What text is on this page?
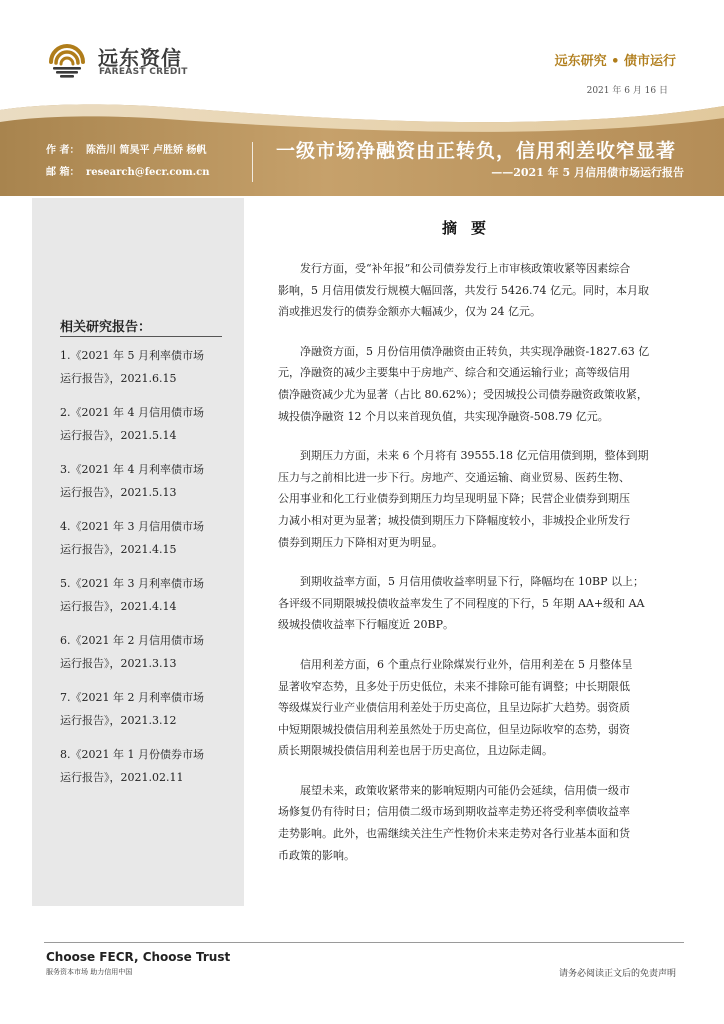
远东资信
FAREAST CREDIT
远东研究 • 债市运行
2021 年 6 月 16 日
作 者： 陈浩川 简昊平 卢胜娇 杨帆
邮 箱： research@fecr.com.cn
一级市场净融资由正转负，信用利差收窄显著
——2021 年 5 月信用债市场运行报告
相关研究报告：
1.《2021 年 5 月利率债市场
运行报告》，2021.6.15
2.《2021 年 4 月信用债市场
运行报告》，2021.5.14
3.《2021 年 4 月利率债市场
运行报告》，2021.5.13
4.《2021 年 3 月信用债市场
运行报告》，2021.4.15
5.《2021 年 3 月利率债市场
运行报告》，2021.4.14
6.《2021 年 2 月信用债市场
运行报告》，2021.3.13
7.《2021 年 2 月利率债市场
运行报告》，2021.3.12
8.《2021 年 1 月份债券市场
运行报告》，2021.02.11
摘要
发行方面，受“补年报”和公司债券发行上市审核政策收紧等因素综合
影响，5 月信用债发行规模大幅回落，共发行 5426.74 亿元。同时，本月取
消或推迟发行的债券金额亦大幅减少，仅为 24 亿元。
净融资方面，5 月份信用债净融资由正转负，共实现净融资-1827.63 亿
元，净融资的减少主要集中于房地产、综合和交通运输行业；高等级信用
债净融资减少尤为显著（占比 80.62%）；受因城投公司债券融资政策收紧，
城投债净融资 12 个月以来首现负值，共实现净融资-508.79 亿元。
到期压力方面，未来 6 个月将有 39555.18 亿元信用债到期，整体到期
压力与之前相比进一步下行。房地产、交通运输、商业贸易、医药生物、
公用事业和化工行业债券到期压力均呈现明显下降；民营企业债券到期压
力减小相对更为显著；城投债到期压力下降幅度较小，非城投企业所发行
债券到期压力下降相对更为明显。
到期收益率方面，5 月信用债收益率明显下行，降幅均在 10BP 以上；
各评级不同期限城投债收益率发生了不同程度的下行，5 年期 AA+级和 AA
级城投债收益率下行幅度近 20BP。
信用利差方面，6 个重点行业除煤炭行业外，信用利差在 5 月整体呈
显著收窄态势，且多处于历史低位，未来不排除可能有调整；中长期限低
等级煤炭行业产业债信用利差处于历史高位，且呈边际扩大趋势。弱资质
中短期限城投债信用利差虽然处于历史高位，但呈边际收窄的态势，弱资
质长期限城投债信用利差也居于历史高位，且边际走阔。
展望未来，政策收紧带来的影响短期内可能仍会延续，信用债一级市
场修复仍有待时日；信用债二级市场到期收益率走势还将受利率债收益率
走势影响。此外，也需继续关注生产性物价未来走势对各行业基本面和货
币政策的影响。
Choose FECR, Choose Trust
服务资本市场 助力信用中国	请务必阅读正文后的免责声明
